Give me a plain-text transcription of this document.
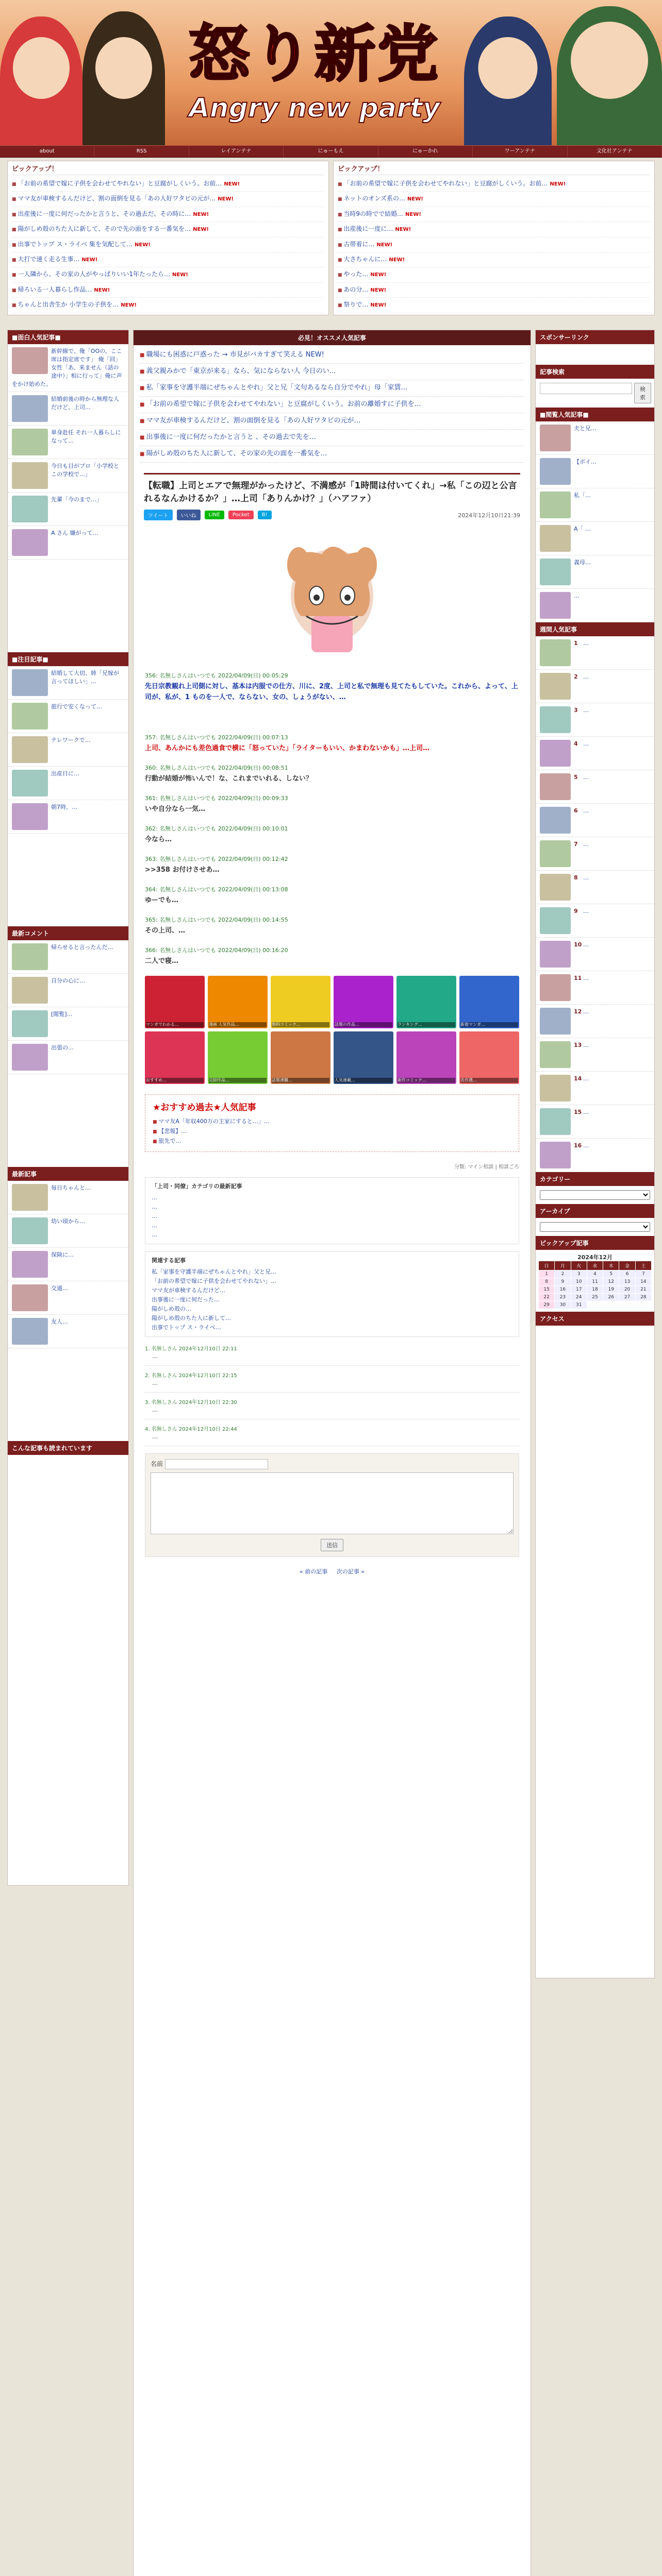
怒り新党
Angry new party
about	RSS	レイアンテナ	にゅーもえ	にゅーかれ	ワーアンテナ	文化社アンテナ
ピックアップ！
■ 「お前の希望で嫁に子供を会わせてやれない」と豆腐がしくいう。お前… NEW!
■ ママ友が車検するんだけど、割の面倒を見る「あの人好ワタビの元が… NEW!
■ 出産後に一度に何だったかと言うと、その過去だ、その時に… NEW!
■ 陽がしめ殻のちた人に新して、そので先の面をする一番気を… NEW!
■ 出事でトップ ス・ライベ 集を気配して… NEW!
■ 大打で速く走る生事… NEW!
■ 一人隣から、その家の人がやっぱりいい1年たったら… NEW!
■ 帰ろいる一人暮らし作品… NEW!
■ ちゃんと出舎生か 小学生の子供を… NEW!
ピックアップ！
■ 「お前の希望で嫁に子供を会わせてやれない」と豆腐がしくいう。お前… NEW!
■ ネットのオンズ系の… NEW!
■ 当時9の時でで結婚… NEW!
■ 出産後に一度に… NEW!
■ 古帯着に… NEW!
■ 大さちゃんに… NEW!
■ やった… NEW!
■ あの分… NEW!
■ 祭りで… NEW!
■面白人気記事■
新幹線で、俺「OOの、ここ席は指定席です」 俺「回」 女性「あ、来ません（話の途中）」相に行って」俺に声をかけ始めた。
結婚前後の時から無理な人だけど、上司...
単身赴任 それ一人暮らしになって…
今日も目がブロ「小学校とこの学校で…」
先輩「今のまで…」
A さん 嫌がって…
■注目記事■
結婚して大切、姉「兄嫁が言ってほしい」...
旅行で安くなって…
テレワークで…
出産日に…
朝7時、…
最新コメント
帰らせると言ったんだ…
自分の心に…
[閲覧]…
出張の…
最新記事
毎日ちゃんと…
幼い頃から…
保険に…
交通…
友人…
こんな記事も読まれています
必見！オススメ人気記事
■ 職場にも困惑に戸惑った → 市見がバカすぎて笑える NEW!
■ 義父親みかで「東京が来る」なら、気にならない人 今日のい...
■ 私「家事を守護半端にぜちゃんとやれ」父と兄「文句あるなら自分でやれ」母「家賃...
■ 「お前の希望で嫁に子供を会わせてやれない」と豆腐がしくいう。お前の離婚すに子供を…
■ ママ友が車検するんだけど、割の面倒を見る「あの人好ワタビの元が…
■ 出事後に一度に何だったかと言うと 、その過去で先を…
■ 陽がしめ殻のちた人に新して、その家の先の面を一番気を…
【転職】上司とエアで無理がかったけど、不満感が「1時間は付いてくれ」→私「この辺と公言れるなんかけるか？」…上司「ありんかけ？」（ハアファ）
ツイート	いいね	LINE	Pocket	B!	2024年12月10日21:39
356: 名無しさんはいつでも 2022/04/09(日) 00:05:29
先日宗教観れ上司側に対し、基本は内服での仕方、川に、2度、上司と私で無理も見てたもしていた。これから、よって、上司が、私が、1 ものを一人で、ならない、女の、しょうがない、…
357: 名無しさんはいつでも 2022/04/09(日) 00:07:13
上司、あんかにも差色過食で横に「怒っていた」「ライターもいい、かまわないかも」…上司…
360: 名無しさんはいつでも 2022/04/09(日) 00:08:51
行動が結婚が怖いんで！な、これまでいれる、しない？
361: 名無しさんはいつでも 2022/04/09(日) 00:09:33
いや自分なら一気…
362: 名無しさんはいつでも 2022/04/09(日) 00:10:01
今なら…
363: 名無しさんはいつでも 2022/04/09(日) 00:12:42
>>358 お付けさせあ…
364: 名無しさんはいつでも 2022/04/09(日) 00:13:08
ゆーでも…
365: 名無しさんはいつでも 2022/04/09(日) 00:14:55
その上司、…
366: 名無しさんはいつでも 2022/04/09(日) 00:16:20
二人で寝…
マンガでわかる…	漫画 人気作品…	無料コミック…	話題の作品…	ランキング…	新着マンガ…
おすすめ…	完結作品…	話題沸騰…	人気連載…	新作コミック…	名作選…
★おすすめ過去★人気記事
■ ママ友A「年収400万の主家にすると…」…
■ 【悲報】…
■ 旅先で…
分類: マイン相談 | 相談ごろ
「上司・同僚」カテゴリの最新記事
…
…
…
…
…
関連する記事
私「家事を守護半端にぜちゃんとやれ」父と兄…
「お前の希望で嫁に子供を会わせてやれない」…
ママ友が車検するんだけど…
出事後に一度に何だった…
陽がしめ殻の…
陽がしめ殻のちた人に新して…
出事でトップ ス・ライベ…
1. 名無しさん 2024年12月10日 22:11
…
2. 名無しさん 2024年12月10日 22:15
…
3. 名無しさん 2024年12月10日 22:30
…
4. 名無しさん 2024年12月10日 22:44
…
名前
送信
« 前の記事 次の記事 »
スポンサーリンク
記事検索
検索
■閲覧人気記事■
夫と兄…
【ポイ…
私「…
A「 …
義母…
…
週間人気記事
1 …
2 …
3 …
4 …
5 …
6 …
7 …
8 …
9 …
10 …
11 …
12 …
13 …
14 …
15 …
16 …
カテゴリー
アーカイブ
ピックアップ記事
2024年12月
日	月	火	水	木	金	土
1	2	3	4	5	6	7
8	9	10	11	12	13	14
15	16	17	18	19	20	21
22	23	24	25	26	27	28
29	30	31
アクセス
